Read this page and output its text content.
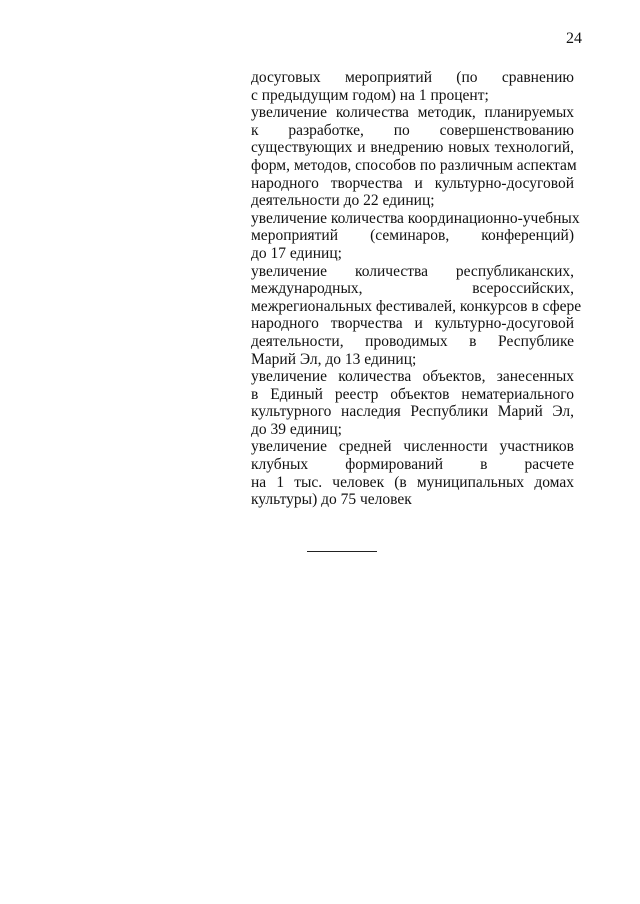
24
досуговых мероприятий (по сравнению
с предыдущим годом) на 1 процент;
увеличение количества методик, планируемых
к разработке, по совершенствованию
существующих и внедрению новых технологий,
форм, методов, способов по различным аспектам
народного творчества и культурно-досуговой
деятельности до 22 единиц;
увеличение количества координационно-учебных
мероприятий (семинаров, конференций)
до 17 единиц;
увеличение количества республиканских,
международных, всероссийских,
межрегиональных фестивалей, конкурсов в сфере
народного творчества и культурно-досуговой
деятельности, проводимых в Республике
Марий Эл, до 13 единиц;
увеличение количества объектов, занесенных
в Единый реестр объектов нематериального
культурного наследия Республики Марий Эл,
до 39 единиц;
увеличение средней численности участников
клубных формирований в расчете
на 1 тыс. человек (в муниципальных домах
культуры) до 75 человек
